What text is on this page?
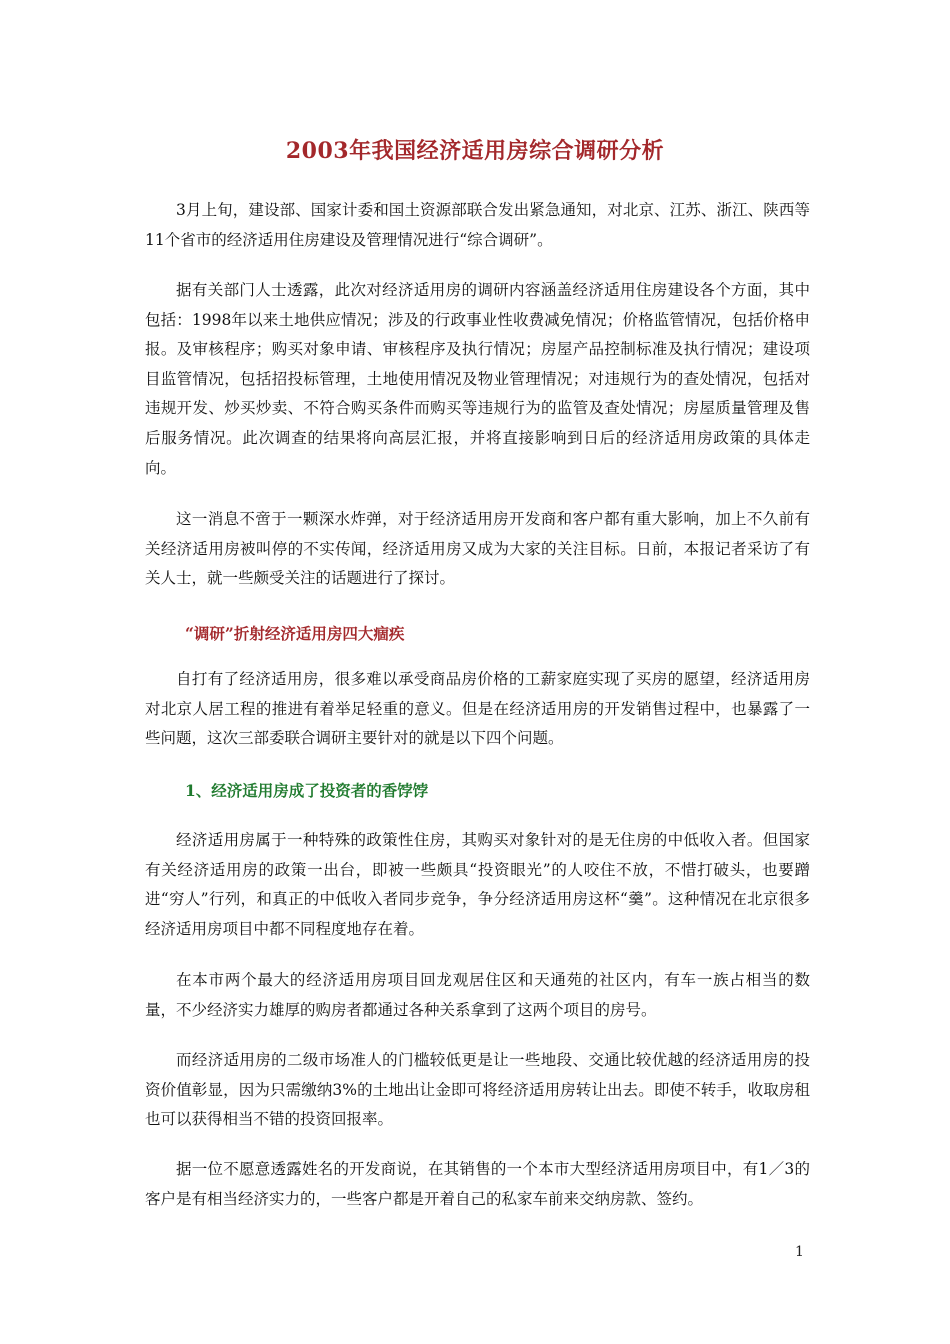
2003年我国经济适用房综合调研分析

3月上旬，建设部、国家计委和国土资源部联合发出紧急通知，对北京、江苏、浙江、陕西等11个省市的经济适用住房建设及管理情况进行“综合调研”。

据有关部门人士透露，此次对经济适用房的调研内容涵盖经济适用住房建设各个方面，其中包括：1998年以来土地供应情况；涉及的行政事业性收费减免情况；价格监管情况，包括价格申报。及审核程序；购买对象申请、审核程序及执行情况；房屋产品控制标准及执行情况；建设项目监管情况，包括招投标管理，土地使用情况及物业管理情况；对违规行为的查处情况，包括对违规开发、炒买炒卖、不符合购买条件而购买等违规行为的监管及查处情况；房屋质量管理及售后服务情况。此次调查的结果将向高层汇报，并将直接影响到日后的经济适用房政策的具体走向。

这一消息不啻于一颗深水炸弹，对于经济适用房开发商和客户都有重大影响，加上不久前有关经济适用房被叫停的不实传闻，经济适用房又成为大家的关注目标。日前，本报记者采访了有关人士，就一些颇受关注的话题进行了探讨。

“调研”折射经济适用房四大痼疾

自打有了经济适用房，很多难以承受商品房价格的工薪家庭实现了买房的愿望，经济适用房对北京人居工程的推进有着举足轻重的意义。但是在经济适用房的开发销售过程中，也暴露了一些问题，这次三部委联合调研主要针对的就是以下四个问题。

1、经济适用房成了投资者的香饽饽

经济适用房属于一种特殊的政策性住房，其购买对象针对的是无住房的中低收入者。但国家有关经济适用房的政策一出台，即被一些颇具“投资眼光”的人咬住不放，不惜打破头，也要蹭进“穷人”行列，和真正的中低收入者同步竞争，争分经济适用房这杯“羹”。这种情况在北京很多经济适用房项目中都不同程度地存在着。

在本市两个最大的经济适用房项目回龙观居住区和天通苑的社区内，有车一族占相当的数量，不少经济实力雄厚的购房者都通过各种关系拿到了这两个项目的房号。

而经济适用房的二级市场准人的门槛较低更是让一些地段、交通比较优越的经济适用房的投资价值彰显，因为只需缴纳3%的土地出让金即可将经济适用房转让出去。即使不转手，收取房租也可以获得相当不错的投资回报率。

据一位不愿意透露姓名的开发商说，在其销售的一个本市大型经济适用房项目中，有1／3的客户是有相当经济实力的，一些客户都是开着自己的私家车前来交纳房款、签约。

1
